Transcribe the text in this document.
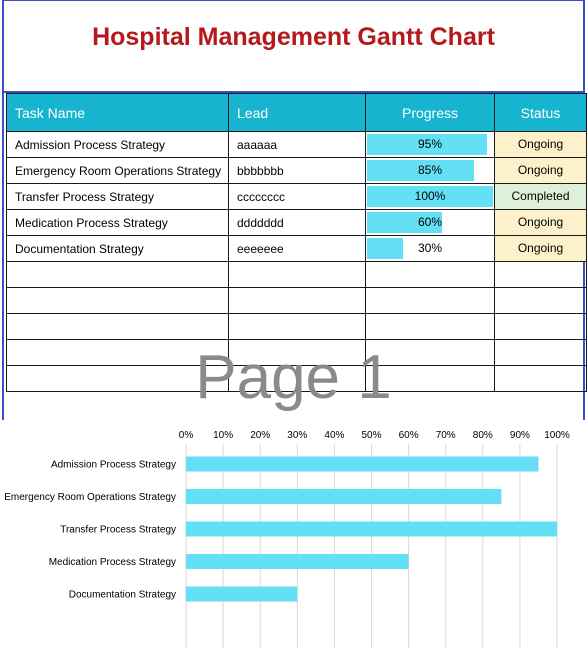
Hospital Management Gantt Chart
Task Name	Lead	Progress	Status
Admission Process Strategy	aaaaaa	95%	Ongoing

Emergency Room Operations Strategy	bbbbbbb	85%	Ongoing

Transfer Process Strategy	cccccccc	100%	Completed

Medication Process Strategy	ddddddd	60%	Ongoing

Documentation Strategy	eeeeeee	30%	Ongoing

Page 1
0% 10% 20% 30% 40% 50% 60% 70% 80% 90% 100%
Admission Process Strategy
Emergency Room Operations Strategy
Transfer Process Strategy
Medication Process Strategy
Documentation Strategy
